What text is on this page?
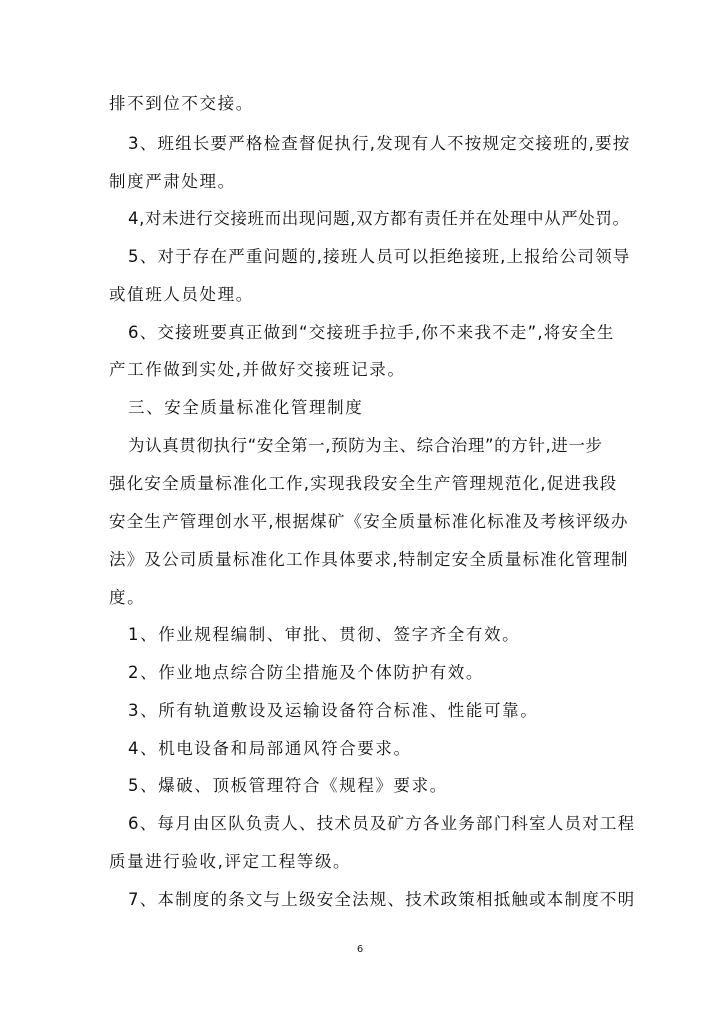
排不到位不交接。
3、班组长要严格检查督促执行,发现有人不按规定交接班的,要按
制度严肃处理。
4,对未进行交接班而出现问题,双方都有责任并在处理中从严处罚。
5、对于存在严重问题的,接班人员可以拒绝接班,上报给公司领导
或值班人员处理。
6、交接班要真正做到“交接班手拉手,你不来我不走”,将安全生
产工作做到实处,并做好交接班记录。
三、安全质量标准化管理制度
为认真贯彻执行“安全第一,预防为主、综合治理”的方针,进一步
强化安全质量标准化工作,实现我段安全生产管理规范化,促进我段
安全生产管理创水平,根据煤矿《安全质量标准化标准及考核评级办
法》及公司质量标准化工作具体要求,特制定安全质量标准化管理制
度。
1、作业规程编制、审批、贯彻、签字齐全有效。
2、作业地点综合防尘措施及个体防护有效。
3、所有轨道敷设及运输设备符合标准、性能可靠。
4、机电设备和局部通风符合要求。
5、爆破、顶板管理符合《规程》要求。
6、每月由区队负责人、技术员及矿方各业务部门科室人员对工程
质量进行验收,评定工程等级。
7、本制度的条文与上级安全法规、技术政策相抵触或本制度不明
6
